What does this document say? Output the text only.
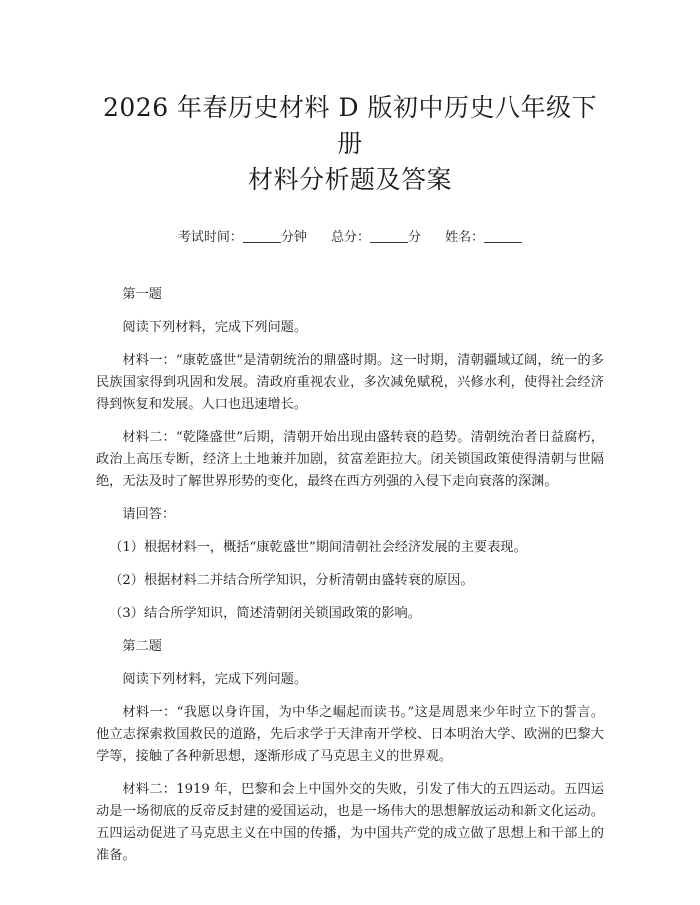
2026 年春历史材料 D 版初中历史八年级下册
材料分析题及答案
考试时间：	分钟 总分：	分 姓名：

第一题

阅读下列材料，完成下列问题。

材料一：“康乾盛世”是清朝统治的鼎盛时期。这一时期，清朝疆域辽阔，统一的多民族国家得到巩固和发展。清政府重视农业，多次减免赋税，兴修水利，使得社会经济得到恢复和发展。人口也迅速增长。

材料二：“乾隆盛世”后期，清朝开始出现由盛转衰的趋势。清朝统治者日益腐朽，政治上高压专断，经济上土地兼并加剧，贫富差距拉大。闭关锁国政策使得清朝与世隔绝，无法及时了解世界形势的变化，最终在西方列强的入侵下走向衰落的深渊。

请回答：

（1）根据材料一，概括“康乾盛世”期间清朝社会经济发展的主要表现。

（2）根据材料二并结合所学知识，分析清朝由盛转衰的原因。

（3）结合所学知识，简述清朝闭关锁国政策的影响。

第二题

阅读下列材料，完成下列问题。

材料一：“我愿以身许国，为中华之崛起而读书。”这是周恩来少年时立下的誓言。他立志探索救国救民的道路，先后求学于天津南开学校、日本明治大学、欧洲的巴黎大学等，接触了各种新思想，逐渐形成了马克思主义的世界观。

材料二：1919 年，巴黎和会上中国外交的失败，引发了伟大的五四运动。五四运动是一场彻底的反帝反封建的爱国运动，也是一场伟大的思想解放运动和新文化运动。五四运动促进了马克思主义在中国的传播，为中国共产党的成立做了思想上和干部上的准备。
